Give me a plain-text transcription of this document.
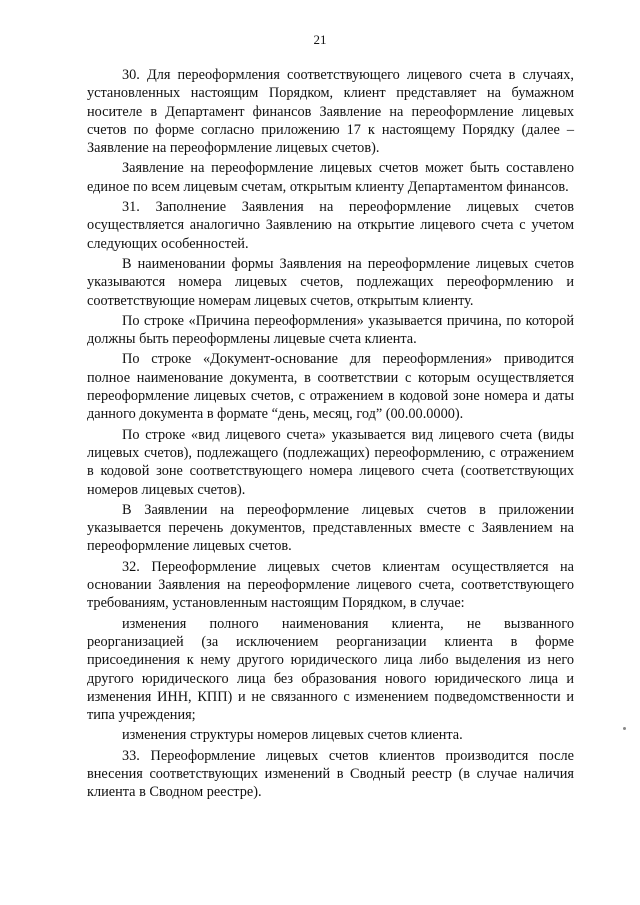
21

30. Для переоформления соответствующего лицевого счета в случаях, установленных настоящим Порядком, клиент представляет на бумажном носителе в Департамент финансов Заявление на переоформление лицевых счетов по форме согласно приложению 17 к настоящему Порядку (далее – Заявление на переоформление лицевых счетов).

Заявление на переоформление лицевых счетов может быть составлено единое по всем лицевым счетам, открытым клиенту Департаментом финансов.

31. Заполнение Заявления на переоформление лицевых счетов осуществляется аналогично Заявлению на открытие лицевого счета с учетом следующих особенностей.

В наименовании формы Заявления на переоформление лицевых счетов указываются номера лицевых счетов, подлежащих переоформлению и соответствующие номерам лицевых счетов, открытым клиенту.

По строке «Причина переоформления» указывается причина, по которой должны быть переоформлены лицевые счета клиента.

По строке «Документ-основание для переоформления» приводится полное наименование документа, в соответствии с которым осуществляется переоформление лицевых счетов, с отражением в кодовой зоне номера и даты данного документа в формате “день, месяц, год” (00.00.0000).

По строке «вид лицевого счета» указывается вид лицевого счета (виды лицевых счетов), подлежащего (подлежащих) переоформлению, с отражением в кодовой зоне соответствующего номера лицевого счета (соответствующих номеров лицевых счетов).

В Заявлении на переоформление лицевых счетов в приложении указывается перечень документов, представленных вместе с Заявлением на переоформление лицевых счетов.

32. Переоформление лицевых счетов клиентам осуществляется на основании Заявления на переоформление лицевого счета, соответствующего требованиям, установленным настоящим Порядком, в случае:

изменения полного наименования клиента, не вызванного реорганизацией (за исключением реорганизации клиента в форме присоединения к нему другого юридического лица либо выделения из него другого юридического лица без образования нового юридического лица и изменения ИНН, КПП) и не связанного с изменением подведомственности и типа учреждения;

изменения структуры номеров лицевых счетов клиента.

33. Переоформление лицевых счетов клиентов производится после внесения соответствующих изменений в Сводный реестр (в случае наличия клиента в Сводном реестре).
